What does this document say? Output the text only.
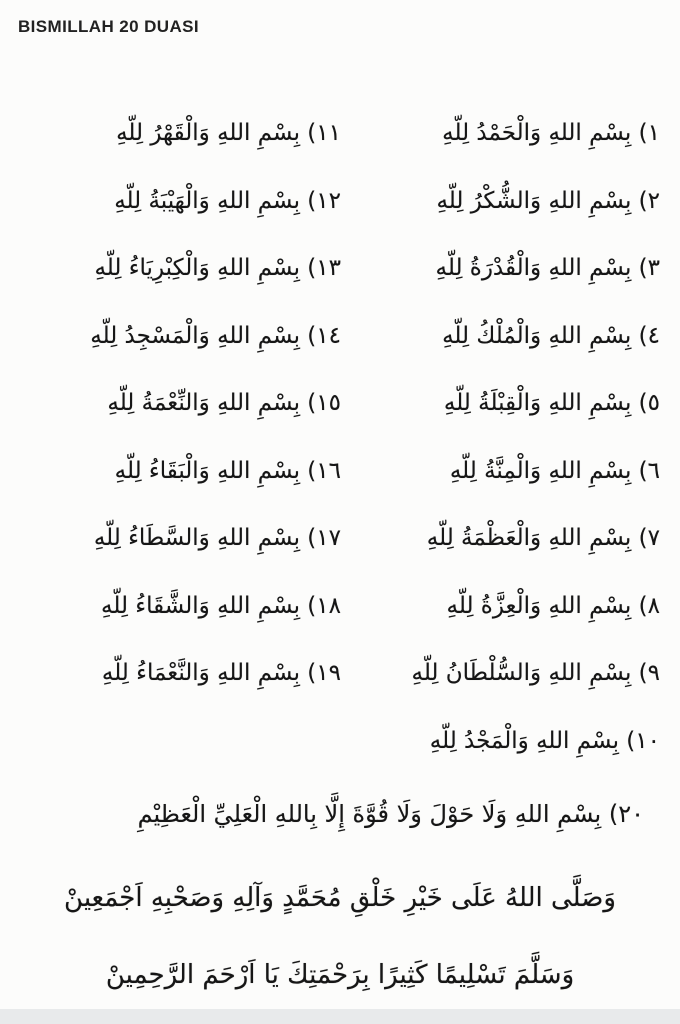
BISMILLAH 20 DUASI
١١) بِسْمِ اللهِ وَالْقَهْرُ لِلّهِ
١٢) بِسْمِ اللهِ وَالْهَيْبَةُ لِلّهِ
١٣) بِسْمِ اللهِ وَالْكِبْرِيَاءُ لِلّهِ
١٤) بِسْمِ اللهِ وَالْمَسْجِدُ لِلّهِ
١٥) بِسْمِ اللهِ وَالنِّعْمَةُ لِلّهِ
١٦) بِسْمِ اللهِ وَالْبَقَاءُ لِلّهِ
١٧) بِسْمِ اللهِ وَالسَّطَاءُ لِلّهِ
١٨) بِسْمِ اللهِ وَالشَّقَاءُ لِلّهِ
١٩) بِسْمِ اللهِ وَالنَّعْمَاءُ لِلّهِ
١) بِسْمِ اللهِ وَالْحَمْدُ لِلّهِ
٢) بِسْمِ اللهِ وَالشُّكْرُ لِلّهِ
٣) بِسْمِ اللهِ وَالْقُدْرَةُ لِلّهِ
٤) بِسْمِ اللهِ وَالْمُلْكُ لِلّهِ
٥) بِسْمِ اللهِ وَالْقِبْلَةُ لِلّهِ
٦) بِسْمِ اللهِ وَالْمِنَّةُ لِلّهِ
٧) بِسْمِ اللهِ وَالْعَظْمَةُ لِلّهِ
٨) بِسْمِ اللهِ وَالْعِزَّةُ لِلّهِ
٩) بِسْمِ اللهِ وَالسُّلْطَانُ لِلّهِ
١٠) بِسْمِ اللهِ وَالْمَجْدُ لِلّهِ
٢٠) بِسْمِ اللهِ وَلَا حَوْلَ وَلَا قُوَّةَ إِلَّا بِاللهِ الْعَلِيِّ الْعَظِيْمِ
وَصَلَّى اللهُ عَلَى خَيْرِ خَلْقِ مُحَمَّدٍ وَآلِهِ وَصَحْبِهِ اَجْمَعِينْ
وَسَلَّمَ تَسْلِيمًا كَثِيرًا بِرَحْمَتِكَ يَا اَرْحَمَ الرَّحِمِينْ
